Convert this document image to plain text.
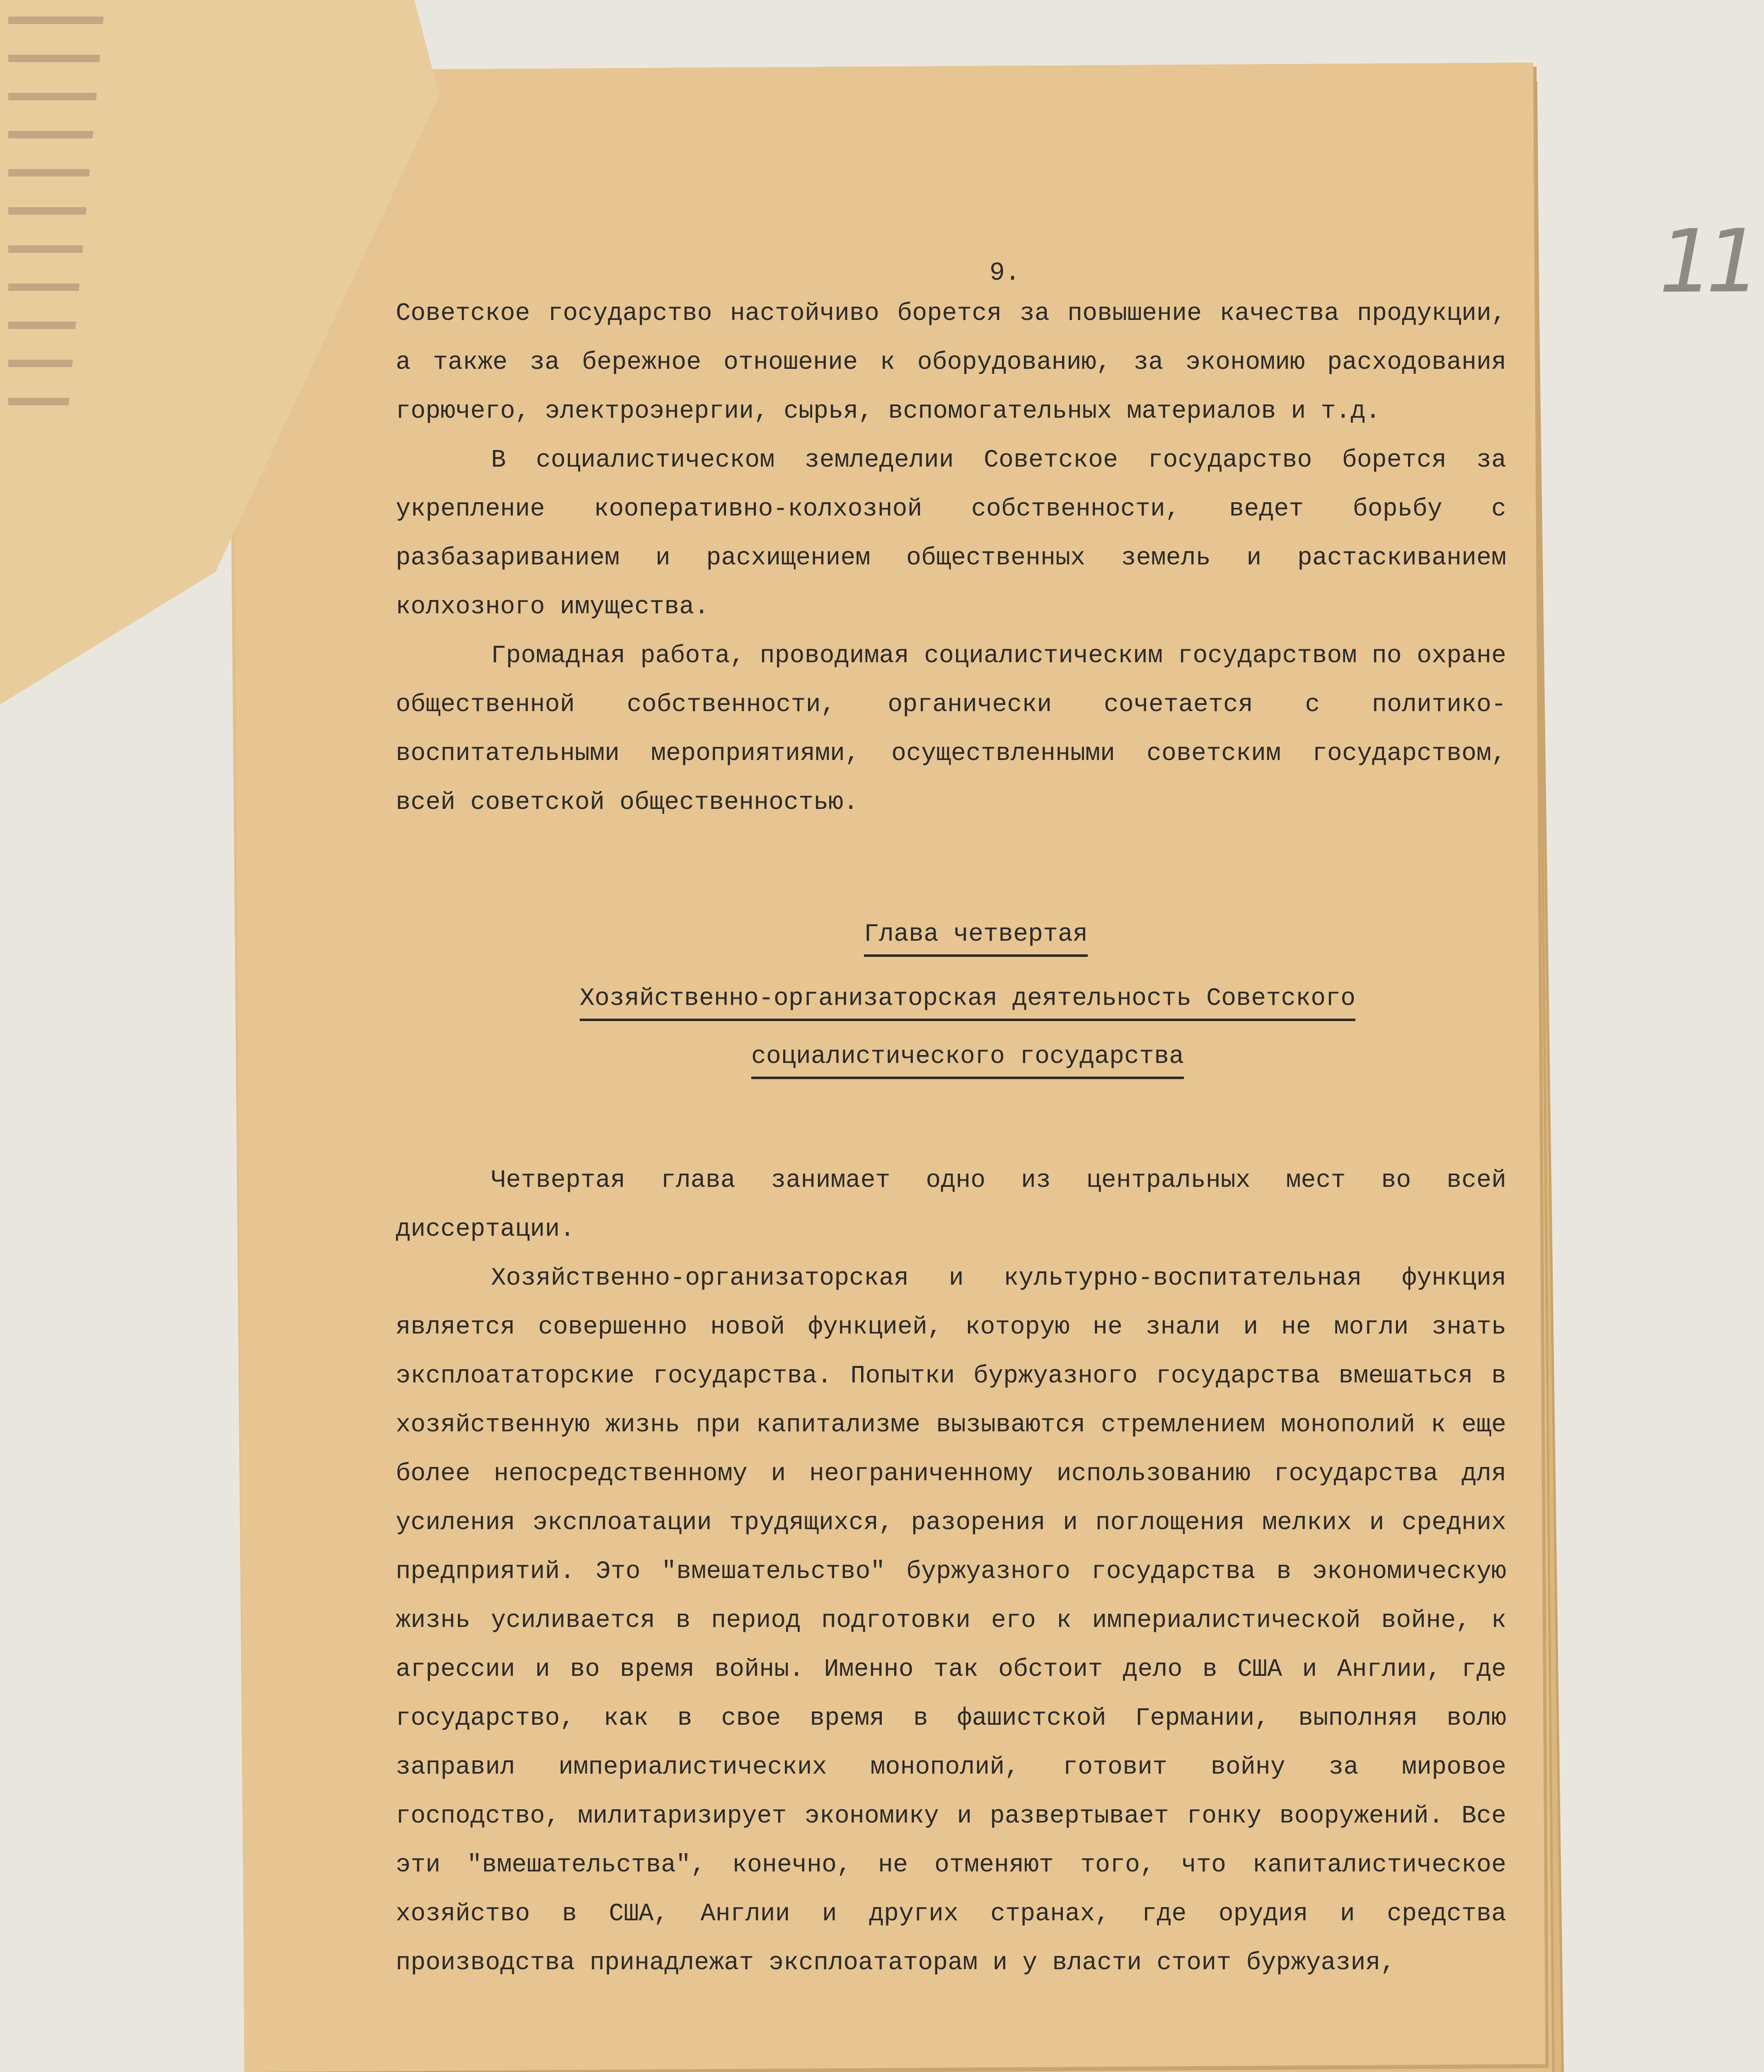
11
9.

Советское государство настойчиво борется за повышение качества продукции, а также за бережное отношение к оборудованию, за экономию расходования горючего, электроэнергии, сырья, вспомогательных материалов и т.д.

В социалистическом земледелии Советское государство борется за укрепление кооперативно-колхозной собственности, ведет борьбу с разбазариванием и расхищением общественных земель и растаскиванием колхозного имущества.

Громадная работа, проводимая социалистическим государством по охране общественной собственности, органически сочетается с политико-воспитательными мероприятиями, осуществленными советским государством, всей советской общественностью.

Глава четвертая
Хозяйственно-организаторская деятельность Советского
социалистического государства

Четвертая глава занимает одно из центральных мест во всей диссертации.

Хозяйственно-организаторская и культурно-воспитательная функция является совершенно новой функцией, которую не знали и не могли знать эксплоататорские государства. Попытки буржуазного государства вмешаться в хозяйственную жизнь при капитализме вызываются стремлением монополий к еще более непосредственному и неограниченному использованию государства для усиления эксплоатации трудящихся, разорения и поглощения мелких и средних предприятий. Это "вмешательство" буржуазного государства в экономическую жизнь усиливается в период подготовки его к империалистической войне, к агрессии и во время войны. Именно так обстоит дело в США и Англии, где государство, как в свое время в фашистской Германии, выполняя волю заправил империалистических монополий, готовит войну за мировое господство, милитаризирует экономику и развертывает гонку вооружений. Все эти "вмешательства", конечно, не отменяют того, что капиталистическое хозяйство в США, Англии и других странах, где орудия и средства производства принадлежат эксплоататорам и у власти стоит буржуазия,
